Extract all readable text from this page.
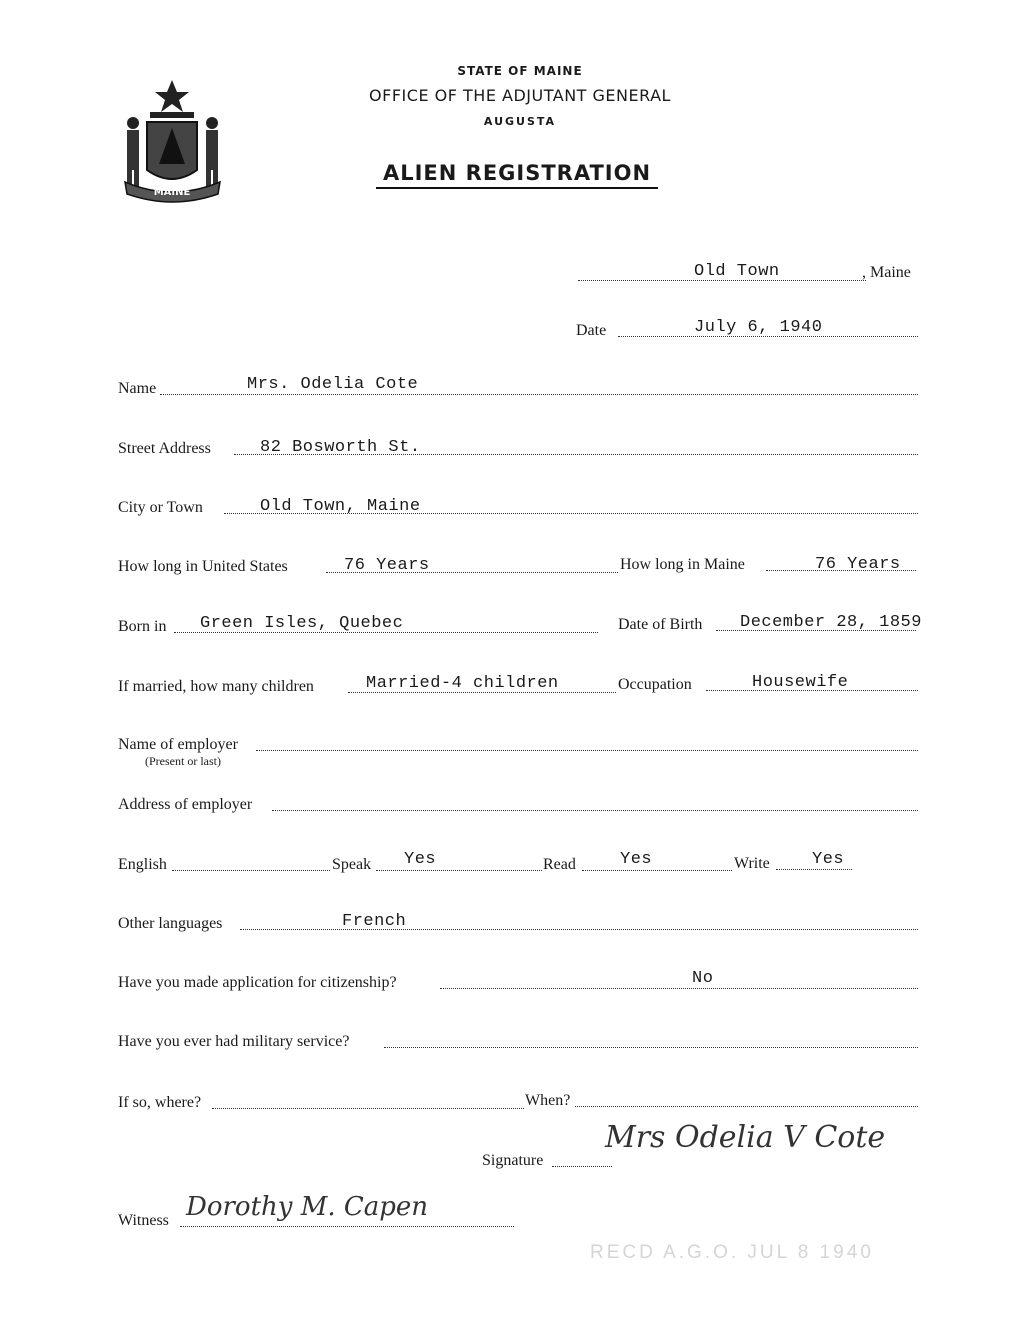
MAINE
STATE OF MAINE
OFFICE OF THE ADJUTANT GENERAL
AUGUSTA
ALIEN REGISTRATION
Old Town	, Maine
Date	July 6, 1940
Name	Mrs. Odelia Cote
Street Address	82 Bosworth St.
City or Town	Old Town, Maine
How long in United States	76 Years	How long in Maine	76 Years
Born in Green Isles, Quebec	Date of Birth December 28, 1859
If married, how many children	Married-4 children	Occupation	Housewife
Name of employer
(Present or last)
Address of employer
English	Speak Yes	Read	Yes	Write Yes
Other languages	French
Have you made application for citizenship?	No
Have you ever had military service?
If so, where?	When?
Signature
Mrs Odelia V Cote
Witness Dorothy M. Capen
RECD A.G.O. JUL 8 1940
